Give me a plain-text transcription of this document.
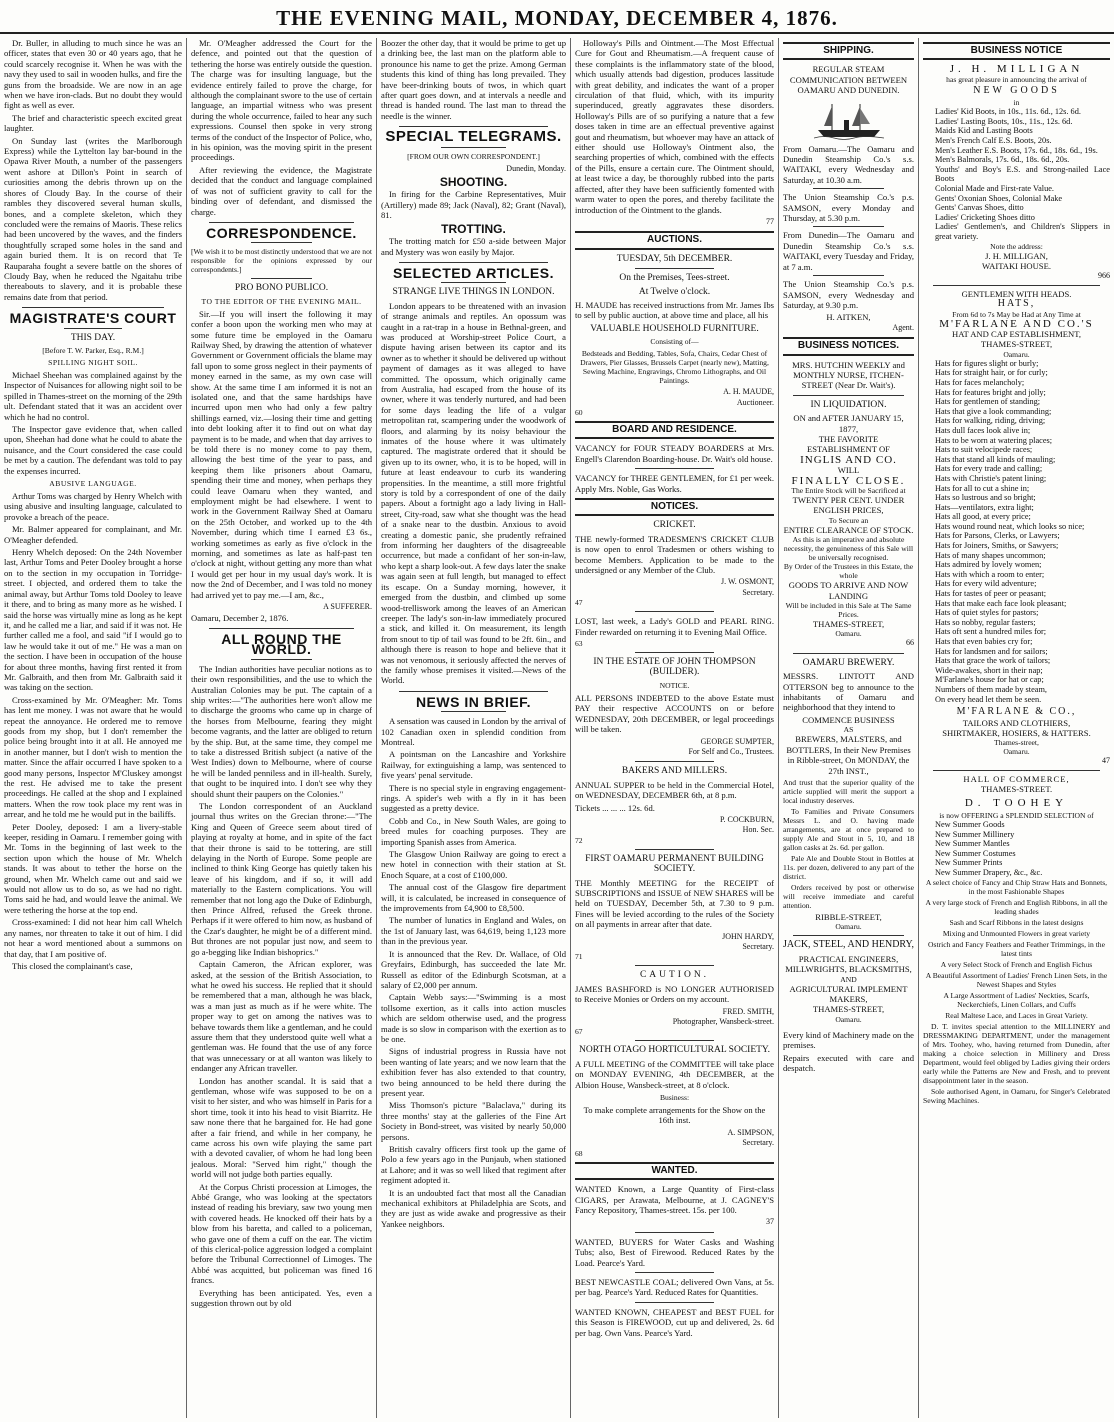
THE EVENING MAIL, MONDAY, DECEMBER 4, 1876.

Dr. Buller, in alluding to much since he was an officer, states that even 30 or 40 years ago, that he could scarcely recognise it. When he was with the navy they used to sail in wooden hulks, and fire the guns from the broadside. We are now in an age when we have iron-clads. But no doubt they would fight as well as ever.

The brief and characteristic speech excited great laughter.

On Sunday last (writes the Marlborough Express) while the Lyttelton lay bar-bound in the Opawa River Mouth, a number of the passengers went ashore at Dillon's Point in search of curiosities among the debris thrown up on the shores of Cloudy Bay. In the course of their rambles they discovered several human skulls, bones, and a complete skeleton, which they concluded were the remains of Maoris. These relics had been uncovered by the waves, and the finders thoughtfully scraped some holes in the sand and again buried them. It is on record that Te Rauparaha fought a severe battle on the shores of Cloudy Bay, when he reduced the Ngaitahu tribe thereabouts to slavery, and it is probable these remains date from that period.

MAGISTRATE'S COURT
THIS DAY.
[Before T. W. Parker, Esq., R.M.]
SPILLING NIGHT SOIL.

Michael Sheehan was complained against by the Inspector of Nuisances for allowing night soil to be spilled in Thames-street on the morning of the 29th ult. Defendant stated that it was an accident over which he had no control.

The Inspector gave evidence that, when called upon, Sheehan had done what he could to abate the nuisance, and the Court considered the case could be met by a caution. The defendant was told to pay the expenses incurred.

ABUSIVE LANGUAGE.

Arthur Toms was charged by Henry Whelch with using abusive and insulting language, calculated to provoke a breach of the peace.

Mr. Balmer appeared for complainant, and Mr. O'Meagher defended.

Henry Whelch deposed: On the 24th November last, Arthur Toms and Peter Dooley brought a horse on to the section in my occupation in Torridge-street. I objected, and ordered them to take the animal away, but Arthur Toms told Dooley to leave it there, and to bring as many more as he wished. I said the horse was virtually mine as long as he kept it, and he called me a liar, and said if it was not. He further called me a fool, and said "if I would go to law he would take it out of me." He was a man on the section. I have been in occupation of the house for about three months, having first rented it from Mr. Galbraith, and then from Mr. Galbraith said it was taking on the section.

Cross-examined by Mr. O'Meagher: Mr. Toms has lent me money. I was not aware that he would repeat the annoyance. He ordered me to remove goods from my shop, but I don't remember the police being brought into it at all. He annoyed me in another manner, but I don't wish to mention the matter. Since the affair occurred I have spoken to a good many persons, Inspector M'Cluskey amongst the rest. He advised me to take the present proceedings. He called at the shop and I explained matters. When the row took place my rent was in arrear, and he told me he would put in the bailiffs.

Peter Dooley, deposed: I am a livery-stable keeper, residing in Oamaru. I remember going with Mr. Toms in the beginning of last week to the section upon which the house of Mr. Whelch stands. It was about to tether the horse on the ground, when Mr. Whelch came out and said we would not allow us to do so, as we had no right. Toms said he had, and would leave the animal. We were tethering the horse at the top end.

Cross-examined: I did not hear him call Whelch any names, nor threaten to take it out of him. I did not hear a word mentioned about a summons on that day, that I am positive of.

This closed the complainant's case,

Mr. O'Meagher addressed the Court for the defence, and pointed out that the question of tethering the horse was entirely outside the question. The charge was for insulting language, but the evidence entirely failed to prove the charge, for although the complainant swore to the use of certain language, an impartial witness who was present during the whole occurrence, failed to hear any such expressions. Counsel then spoke in very strong terms of the conduct of the Inspector of Police, who, in his opinion, was the moving spirit in the present proceedings.

After reviewing the evidence, the Magistrate decided that the conduct and language complained of was not of sufficient gravity to call for the binding over of defendant, and dismissed the charge.

CORRESPONDENCE.

[We wish it to be most distinctly understood that we are not responsible for the opinions expressed by our correspondents.]

PRO BONO PUBLICO.
TO THE EDITOR OF THE EVENING MAIL.

Sir.—If you will insert the following it may confer a boon upon the working men who may at some future time be employed in the Oamaru Railway Shed, by drawing the attention of whatever Government or Government officials the blame may fall upon to some gross neglect in their payments of money earned in the same, as my own case will show. At the same time I am informed it is not an isolated one, and that the same hardships have incurred upon men who had only a few paltry shillings earned, viz.—losing their time and getting into debt looking after it to find out on what day payment is to be made, and when that day arrives to be told there is no money come to pay them, allowing the best time of the year to pass, and keeping them like prisoners about Oamaru, spending their time and money, when perhaps they could leave Oamaru when they wanted, and employment might be had elsewhere. I went to work in the Government Railway Shed at Oamaru on the 25th October, and worked up to the 4th November, during which time I earned £3 6s., working sometimes as early as five o'clock in the morning, and sometimes as late as half-past ten o'clock at night, without getting any more than what I would get per hour in my usual day's work. It is now the 2nd of December, and I was told no money had arrived yet to pay me.—I am, &c.,

A SUFFERER.

Oamaru, December 2, 1876.

ALL ROUND THE WORLD.

The Indian authorities have peculiar notions as to their own responsibilities, and the use to which the Australian Colonies may be put. The captain of a ship writes:—"The authorities here won't allow me to discharge the grooms who came up in charge of the horses from Melbourne, fearing they might become vagrants, and the latter are obliged to return by the ship. But, at the same time, they compel me to take a distressed British subject (a native of the West Indies) down to Melbourne, where of course he will be landed penniless and in ill-health. Surely, that ought to be inquired into. I don't see why they should shunt their paupers on the Colonies."

The London correspondent of an Auckland journal thus writes on the Grecian throne:—"The King and Queen of Greece seem about tired of playing at royalty at home, and in spite of the fact that their throne is said to be tottering, are still delaying in the North of Europe. Some people are inclined to think King George has quietly taken his leave of his kingdom, and if so, it will add materially to the Eastern complications. You will remember that not long ago the Duke of Edinburgh, then Prince Alfred, refused the Greek throne. Perhaps if it were offered to him now, as husband of the Czar's daughter, he might be of a different mind. But thrones are not popular just now, and seem to go a-begging like Indian bishoprics."

Captain Cameron, the African explorer, was asked, at the session of the British Association, to what he owed his success. He replied that it should be remembered that a man, although he was black, was a man just as much as if he were white. The proper way to get on among the natives was to behave towards them like a gentleman, and he could assure them that they understood quite well what a gentleman was. He found that the use of any force that was unnecessary or at all wanton was likely to endanger any African traveller.

London has another scandal. It is said that a gentleman, whose wife was supposed to be on a visit to her sister, and who was himself in Paris for a short time, took it into his head to visit Biarritz. He saw none there that he bargained for. He had gone after a fair friend, and while in her company, he came across his own wife playing the same part with a devoted cavalier, of whom he had long been jealous. Moral: "Served him right," though the world will not judge both parties equally.

At the Corpus Christi procession at Limoges, the Abbé Grange, who was looking at the spectators instead of reading his breviary, saw two young men with covered heads. He knocked off their hats by a blow from his baretta, and called to a policeman, who gave one of them a cuff on the ear. The victim of this clerical-police aggression lodged a complaint before the Tribunal Correctionnel of Limoges. The Abbé was acquitted, but policeman was fined 16 francs.

Everything has been anticipated. Yes, even a suggestion thrown out by old

Boozer the other day, that it would be prime to get up a drinking bee, the last man on the platform able to pronounce his name to get the prize. Among German students this kind of thing has long prevailed. They have beer-drinking bouts of twos, in which quart after quart goes down, and at intervals a needle and thread is handed round. The last man to thread the needle is the winner.

SPECIAL TELEGRAMS.
[FROM OUR OWN CORRESPONDENT.]
Dunedin, Monday.
SHOOTING.

In firing for the Carbine Representatives, Muir (Artillery) made 89; Jack (Naval), 82; Grant (Naval), 81.

TROTTING.

The trotting match for £50 a-side between Major and Mystery was won easily by Major.

SELECTED ARTICLES.
STRANGE LIVE THINGS IN LONDON.

London appears to be threatened with an invasion of strange animals and reptiles. An opossum was caught in a rat-trap in a house in Bethnal-green, and was produced at Worship-street Police Court, a dispute having arisen between its captor and its owner as to whether it should be delivered up without payment of damages as it was alleged to have committed. The opossum, which originally came from Australia, had escaped from the house of its owner, where it was tenderly nurtured, and had been for some days leading the life of a vulgar metropolitan rat, scampering under the woodwork of floors, and alarming by its noisy behaviour the inmates of the house where it was ultimately captured. The magistrate ordered that it should be given up to its owner, who, it is to be hoped, will in future at least endeavour to curb its wandering propensities. In the meantime, a still more frightful story is told by a correspondent of one of the daily papers. About a fortnight ago a lady living in Hall-street, City-road, saw what she thought was the head of a snake near to the dustbin. Anxious to avoid creating a domestic panic, she prudently refrained from informing her daughters of the disagreeable occurrence, but made a confidant of her son-in-law, who kept a sharp look-out. A few days later the snake was again seen at full length, but managed to effect its escape. On a Sunday morning, however, it emerged from the dustbin, and climbed up some wood-trelliswork among the leaves of an American creeper. The lady's son-in-law immediately procured a stick, and killed it. On measurement, its length from snout to tip of tail was found to be 2ft. 6in., and although there is reason to hope and believe that it was not venomous, it seriously affected the nerves of the family whose premises it visited.—News of the World.

NEWS IN BRIEF.

A sensation was caused in London by the arrival of 102 Canadian oxen in splendid condition from Montreal.

A pointsman on the Lancashire and Yorkshire Railway, for extinguishing a lamp, was sentenced to five years' penal servitude.

There is no special style in engraving engagement-rings. A spider's web with a fly in it has been suggested as a pretty device.

Cobb and Co., in New South Wales, are going to breed mules for coaching purposes. They are importing Spanish asses from America.

The Glasgow Union Railway are going to erect a new hotel in connection with their station at St. Enoch Square, at a cost of £100,000.

The annual cost of the Glasgow fire department will, it is calculated, be increased in consequence of the improvements from £4,900 to £8,500.

The number of lunatics in England and Wales, on the 1st of January last, was 64,619, being 1,123 more than in the previous year.

It is announced that the Rev. Dr. Wallace, of Old Greyfairs, Edinburgh, has succeeded the late Mr. Russell as editor of the Edinburgh Scotsman, at a salary of £2,000 per annum.

Captain Webb says:—"Swimming is a most tollsome exertion, as it calls into action muscles which are seldom otherwise used, and the progress made is so slow in comparison with the exertion as to be one.

Signs of industrial progress in Russia have not been wanting of late years; and we now learn that the exhibition fever has also extended to that country, two being announced to be held there during the present year.

Miss Thomson's picture "Balaclava," during its three months' stay at the galleries of the Fine Art Society in Bond-street, was visited by nearly 50,000 persons.

British cavalry officers first took up the game of Polo a few years ago in the Punjaub, when stationed at Lahore; and it was so well liked that regiment after regiment adopted it.

It is an undoubted fact that most all the Canadian mechanical exhibitors at Philadelphia are Scots, and they are just as wide awake and progressive as their Yankee neighbors.

Holloway's Pills and Ointment.—The Most Effectual Cure for Gout and Rheumatism.—A frequent cause of these complaints is the inflammatory state of the blood, which usually attends bad digestion, produces lassitude with great debility, and indicates the want of a proper circulation of that fluid, which, with its impurity superinduced, greatly aggravates these disorders. Holloway's Pills are of so purifying a nature that a few doses taken in time are an effectual preventive against gout and rheumatism, but whoever may have an attack of either should use Holloway's Ointment also, the searching properties of which, combined with the effects of the Pills, ensure a certain cure. The Ointment should, at least twice a day, be thoroughly rubbed into the parts affected, after they have been sufficiently fomented with warm water to open the pores, and thereby facilitate the introduction of the Ointment to the glands.

77
AUCTIONS.
TUESDAY, 5th DECEMBER.
On the Premises, Tees-street.
At Twelve o'clock.

H. MAUDE has received instructions from Mr. James Ibs to sell by public auction, at above time and place, all his

VALUABLE HOUSEHOLD FURNITURE.
Consisting of—

Bedsteads and Bedding, Tables, Sofa, Chairs, Cedar Chest of Drawers, Pier Glasses, Brussels Carpet (nearly new), Matting, Sewing Machine, Engravings, Chromo Lithographs, and Oil Paintings.

A. H. MAUDE,
Auctioneer.
60
BOARD AND RESIDENCE.

VACANCY for FOUR STEADY BOARDERS at Mrs. Engell's Clarendon Boarding-house. Dr. Wait's old house.

VACANCY for THREE GENTLEMEN, for £1 per week. Apply Mrs. Noble, Gas Works.

NOTICES.
CRICKET.

THE newly-formed TRADESMEN'S CRICKET CLUB is now open to enrol Tradesmen or others wishing to become Members. Application to be made to the undersigned or any Member of the Club.

J. W. OSMONT,
Secretary.
47

LOST, last week, a Lady's GOLD and PEARL RING. Finder rewarded on returning it to Evening Mail Office.

63
IN THE ESTATE OF JOHN THOMPSON (BUILDER).
NOTICE.

ALL PERSONS INDEBTED to the above Estate must PAY their respective ACCOUNTS on or before WEDNESDAY, 20th DECEMBER, or legal proceedings will be taken.

GEORGE SUMPTER,
For Self and Co., Trustees.
BAKERS AND MILLERS.

ANNUAL SUPPER to be held in the Commercial Hotel, on WEDNESDAY, DECEMBER 6th, at 8 p.m.

Tickets ... ... ... 12s. 6d.

P. COCKBURN,
Hon. Sec.
72
FIRST OAMARU PERMANENT BUILDING SOCIETY.

THE Monthly MEETING for the RECEIPT of SUBSCRIPTIONS and ISSUE of NEW SHARES will be held on TUESDAY, December 5th, at 7.30 to 9 p.m. Fines will be levied according to the rules of the Society on all payments in arrear after that date.

JOHN HARDY,
Secretary.
71
CAUTION.

JAMES BASHFORD is NO LONGER AUTHORISED to Receive Monies or Orders on my account.

FRED. SMITH,
Photographer, Wansbeck-street.
67
NORTH OTAGO HORTICULTURAL SOCIETY.

A FULL MEETING of the COMMITTEE will take place on MONDAY EVENING, 4th DECEMBER, at the Albion House, Wansbeck-street, at 8 o'clock.

Business:

To make complete arrangements for the Show on the 16th inst.

A. SIMPSON,
Secretary.
68
WANTED.

WANTED Known, a Large Quantity of First-class CIGARS, per Arawata, Melbourne, at J. CAGNEY'S Fancy Repository, Thames-street. 15s. per 100.

37

WANTED, BUYERS for Water Casks and Washing Tubs; also, Best of Firewood. Reduced Rates by the Load. Pearce's Yard.

BEST NEWCASTLE COAL; delivered Own Vans, at 5s. per bag. Pearce's Yard. Reduced Rates for Quantities.

WANTED KNOWN, CHEAPEST and BEST FUEL for this Season is FIREWOOD, cut up and delivered, 2s. 6d per bag. Own Vans. Pearce's Yard.

SHIPPING.

REGULAR STEAM COMMUNICATION BETWEEN OAMARU AND DUNEDIN.

From Oamaru.—The Oamaru and Dunedin Steamship Co.'s s.s. WAITAKI, every Wednesday and Saturday, at 10.30 a.m.

The Union Steamship Co.'s p.s. SAMSON, every Monday and Thursday, at 5.30 p.m.

From Dunedin—The Oamaru and Dunedin Steamship Co.'s s.s. WAITAKI, every Tuesday and Friday, at 7 a.m.

The Union Steamship Co.'s p.s. SAMSON, every Wednesday and Saturday, at 9.30 p.m.

H. AITKEN,
Agent.
BUSINESS NOTICES.

MRS. HUTCHIN WEEKLY and MONTHLY NURSE, ITCHEN-STREET (Near Dr. Wait's).

IN LIQUIDATION.
ON and AFTER JANUARY 15,
1877,
THE FAVORITE ESTABLISHMENT OF
INGLIS AND CO.
WILL
FINALLY CLOSE.
The Entire Stock will be Sacrificed at
TWENTY PER CENT. UNDER ENGLISH PRICES,
To Secure an
ENTIRE CLEARANCE OF STOCK.
As this is an imperative and absolute necessity, the genuineness of this Sale will be universally recognised.
By Order of the Trustees in this Estate, the whole
GOODS TO ARRIVE AND NOW LANDING
Will be included in this Sale at The Same Prices.
THAMES-STREET,
Oamaru.
66
OAMARU BREWERY.

MESSRS. LINTOTT AND OTTERSON beg to announce to the inhabitants of Oamaru and neighborhood that they intend to

COMMENCE BUSINESS
AS

BREWERS, MALSTERS, and BOTTLERS, In their New Premises in Ribble-street, On MONDAY, the 27th INST.,

And trust that the superior quality of the article supplied will merit the support a local industry deserves.

To Families and Private Consumers Messrs L. and O. having made arrangements, are at once prepared to supply Ale and Stout in 5, 10, and 18 gallon casks at 2s. 6d. per gallon.

Pale Ale and Double Stout in Bottles at 11s. per dozen, delivered to any part of the district.

Orders received by post or otherwise will receive immediate and careful attention.

RIBBLE-STREET,
Oamaru.
JACK, STEEL, AND HENDRY,
PRACTICAL ENGINEERS, MILLWRIGHTS, BLACKSMITHS,
AND
AGRICULTURAL IMPLEMENT MAKERS,
THAMES-STREET,
Oamaru.

Every kind of Machinery made on the premises.

Repairs executed with care and despatch.

BUSINESS NOTICE
J. H. MILLIGAN
has great pleasure in announcing the arrival of
NEW GOODS
in
Ladies' Kid Boots, in 10s., 11s. 6d., 12s. 6d.
Ladies' Lasting Boots, 10s., 11s., 12s. 6d.
Maids Kid and Lasting Boots
Men's French Calf E.S. Boots, 20s.
Men's Leather E.S. Boots, 17s. 6d., 18s. 6d., 19s.
Men's Balmorals, 17s. 6d., 18s. 6d., 20s.
Youths' and Boy's E.S. and Strong-nailed Lace Boots
Colonial Made and First-rate Value.
Gents' Oxonian Shoes, Colonial Make
Gents' Canvas Shoes, ditto
Ladies' Cricketing Shoes ditto
Ladies' Gentlemen's, and Children's Slippers in great variety.
Note the address:
J. H. MILLIGAN,
WAITAKI HOUSE.
966
GENTLEMEN WITH HEADS.
HATS,
From 6d to 7s May be Had at Any Time at
M'FARLANE AND CO.'S
HAT AND CAP ESTABLISHMENT,
THAMES-STREET,
Oamaru.
Hats for figures slight or burly;
Hats for straight hair, or for curly;
Hats for faces melancholy;
Hats for features bright and jolly;
Hats for gentlemen of standing;
Hats that give a look commanding;
Hats for walking, riding, driving;
Hats dull faces look alive in;
Hats to be worn at watering places;
Hats to suit velocipede races;
Hats that stand all kinds of mauling;
Hats for every trade and calling;
Hats with Christie's patent lining;
Hats for all to cut a shine in;
Hats so lustrous and so bright;
Hats—ventilators, extra light;
Hats all good, at every price;
Hats wound round neat, which looks so nice;
Hats for Parsons, Clerks, or Lawyers;
Hats for Joiners, Smiths, or Sawyers;
Hats of many shapes uncommon;
Hats admired by lovely women;
Hats with which a room to enter;
Hats for every wild adventure;
Hats for tastes of peer or peasant;
Hats that make each face look pleasant;
Hats of quiet styles for pastors;
Hats so nobby, regular fasters;
Hats oft sent a hundred miles for;
Hats that even babies cry for;
Hats for landsmen and for sailors;
Hats that grace the work of tailors;
Wide-awakes, short in their nap;
M'Farlane's house for hat or cap;
Numbers of them made by steam,
On every head let them be seen.
M'FARLANE & CO.,
TAILORS AND CLOTHIERS,
SHIRTMAKER, HOSIERS, & HATTERS.
Thames-street,
Oamaru.
47
HALL OF COMMERCE,
THAMES-STREET.
D. TOOHEY
is now OFFERING a SPLENDID SELECTION of
New Summer Goods
New Summer Millinery
New Summer Mantles
New Summer Costumes
New Summer Prints
New Summer Drapery, &c., &c.

A select choice of Fancy and Chip Straw Hats and Bonnets, in the most Fashionable Shapes

A very large stock of French and English Ribbons, in all the leading shades

Sash and Scarf Ribbons in the latest designs

Mixing and Unmounted Flowers in great variety

Ostrich and Fancy Feathers and Feather Trimmings, in the latest tints

A very Select Stock of French and English Fichus

A Beautiful Assortment of Ladies' French Linen Sets, in the Newest Shapes and Styles

A Large Assortment of Ladies' Neckties, Scarfs, Neckerchiefs, Linen Collars, and Cuffs

Real Maltese Lace, and Laces in Great Variety.

D. T. invites special attention to the MILLINERY and DRESSMAKING DEPARTMENT, under the management of Mrs. Toohey, who, having returned from Dunedin, after making a choice selection in Millinery and Dress Department, would feel obliged by Ladies giving their orders early while the Patterns are New and Fresh, and to prevent disappointment later in the season.

Sole authorised Agent, in Oamaru, for Singer's Celebrated Sewing Machines.
